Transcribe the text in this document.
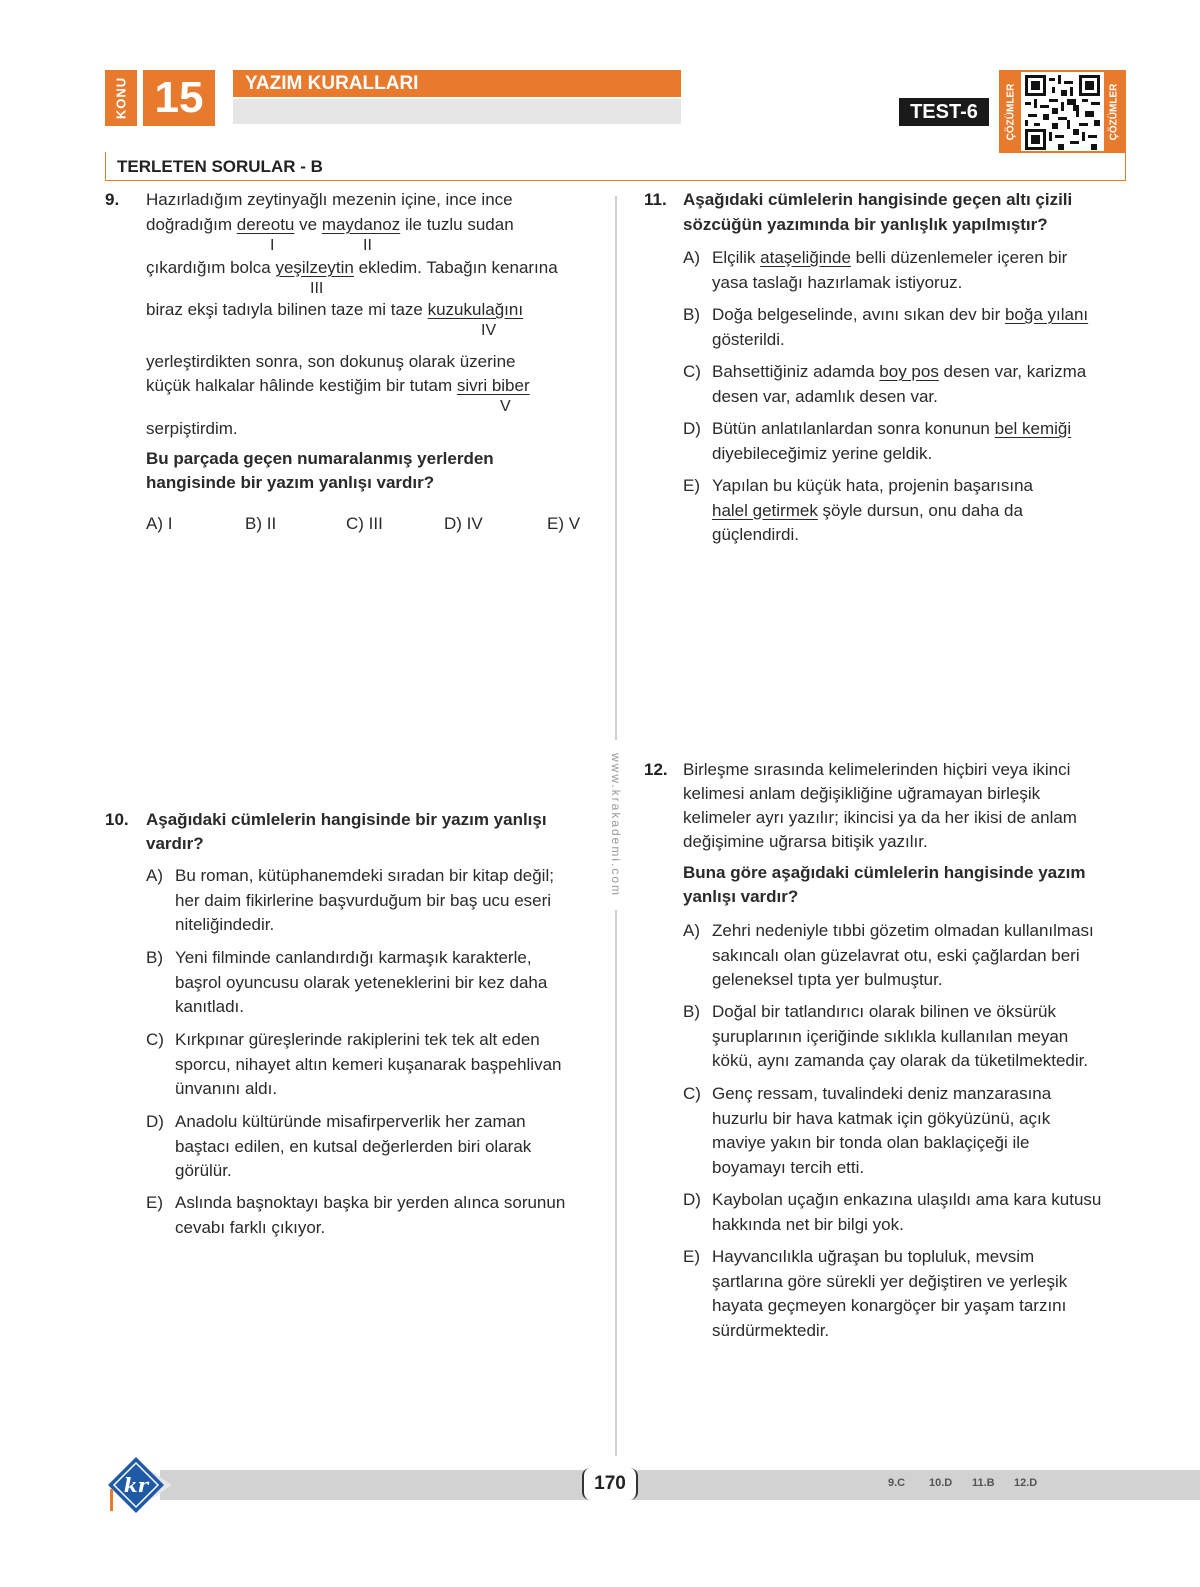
KONU 15	YAZIM KURALLARI
TEST-6	ÇÖZÜMLER	ÇÖZÜMLER
TERLETEN SORULAR - B
www.krakademi.com
9. Hazırladığım zeytinyağlı mezenin içine, ince ince
doğradığım dereotu ve maydanoz ile tuzlu sudan
I	II
çıkardığım bolca yeşilzeytin ekledim. Tabağın kenarına
III
biraz ekşi tadıyla bilinen taze mi taze kuzukulağını
IV
yerleştirdikten sonra, son dokunuş olarak üzerine
küçük halkalar hâlinde kestiğim bir tutam sivri biber
V
serpiştirdim.
Bu parçada geçen numaralanmış yerlerden
hangisinde bir yazım yanlışı vardır?
A) I	B) II	C) III	D) IV	E) V
10. Aşağıdaki cümlelerin hangisinde bir yazım yanlışı
vardır?
A) Bu roman, kütüphanemdeki sıradan bir kitap değil;
her daim fikirlerine başvurduğum bir baş ucu eseri
niteliğindedir.
B) Yeni filminde canlandırdığı karmaşık karakterle,
başrol oyuncusu olarak yeteneklerini bir kez daha
kanıtladı.
C) Kırkpınar güreşlerinde rakiplerini tek tek alt eden
sporcu, nihayet altın kemeri kuşanarak başpehlivan
ünvanını aldı.
D) Anadolu kültüründe misafirperverlik her zaman
baştacı edilen, en kutsal değerlerden biri olarak
görülür.
E) Aslında başnoktayı başka bir yerden alınca sorunun
cevabı farklı çıkıyor.
11. Aşağıdaki cümlelerin hangisinde geçen altı çizili
sözcüğün yazımında bir yanlışlık yapılmıştır?
A) Elçilik ataşeliğinde belli düzenlemeler içeren bir
yasa taslağı hazırlamak istiyoruz.
B) Doğa belgeselinde, avını sıkan dev bir boğa yılanı
gösterildi.
C) Bahsettiğiniz adamda boy pos desen var, karizma
desen var, adamlık desen var.
D) Bütün anlatılanlardan sonra konunun bel kemiği
diyebileceğimiz yerine geldik.
E) Yapılan bu küçük hata, projenin başarısına
halel getirmek şöyle dursun, onu daha da
güçlendirdi.
12. Birleşme sırasında kelimelerinden hiçbiri veya ikinci
kelimesi anlam değişikliğine uğramayan birleşik
kelimeler ayrı yazılır; ikincisi ya da her ikisi de anlam
değişimine uğrarsa bitişik yazılır.
Buna göre aşağıdaki cümlelerin hangisinde yazım
yanlışı vardır?
A) Zehri nedeniyle tıbbi gözetim olmadan kullanılması
sakıncalı olan güzelavrat otu, eski çağlardan beri
geleneksel tıpta yer bulmuştur.
B) Doğal bir tatlandırıcı olarak bilinen ve öksürük
şuruplarının içeriğinde sıklıkla kullanılan meyan
kökü, aynı zamanda çay olarak da tüketilmektedir.
C) Genç ressam, tuvalindeki deniz manzarasına
huzurlu bir hava katmak için gökyüzünü, açık
maviye yakın bir tonda olan baklaçiçeği ile
boyamayı tercih etti.
D) Kaybolan uçağın enkazına ulaşıldı ama kara kutusu
hakkında net bir bilgi yok.
E) Hayvancılıkla uğraşan bu topluluk, mevsim
şartlarına göre sürekli yer değiştiren ve yerleşik
hayata geçmeyen konargöçer bir yaşam tarzını
sürdürmektedir.
kr	170	9.C 10.D 11.B 12.D
